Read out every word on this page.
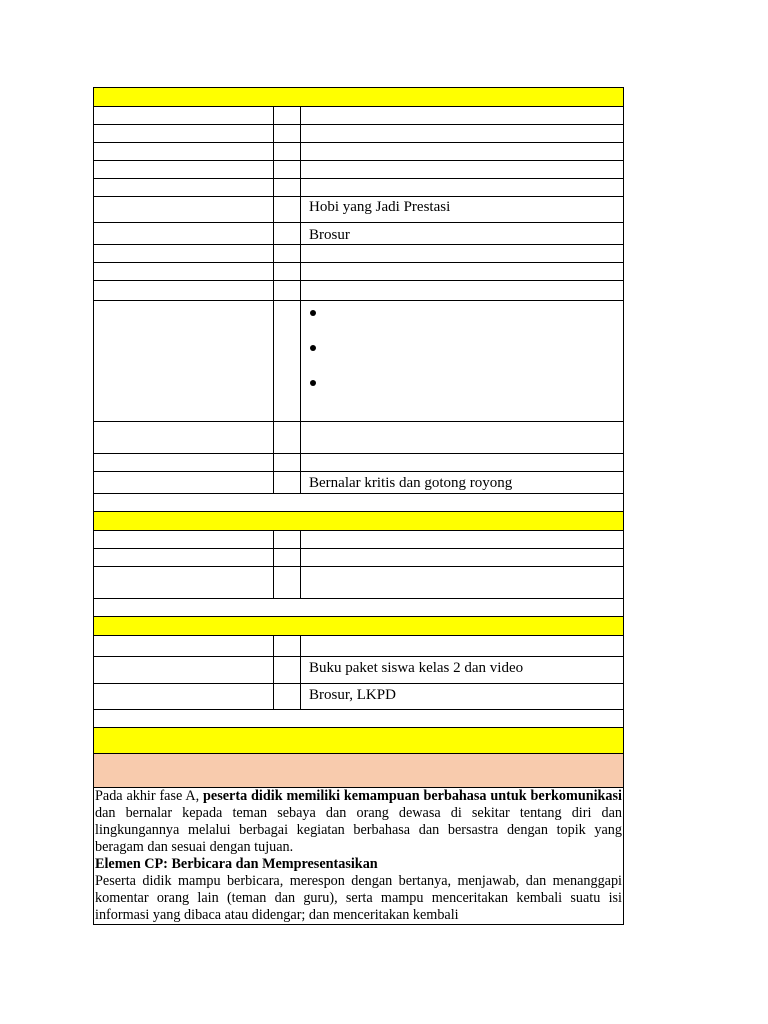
Hobi yang Jadi Prestasi
Brosur
Bernalar kritis dan gotong royong
Buku paket siswa kelas 2 dan video
Brosur, LKPD

Pada akhir fase A, peserta didik memiliki kemampuan berbahasa untuk berkomunikasi dan bernalar kepada teman sebaya dan orang dewasa di sekitar tentang diri dan lingkungannya melalui berbagai kegiatan berbahasa dan bersastra dengan topik yang beragam dan sesuai dengan tujuan.

Elemen CP: Berbicara dan Mempresentasikan

Peserta didik mampu berbicara, merespon dengan bertanya, menjawab, dan menanggapi komentar orang lain (teman dan guru), serta mampu menceritakan kembali suatu isi informasi yang dibaca atau didengar; dan menceritakan kembali
